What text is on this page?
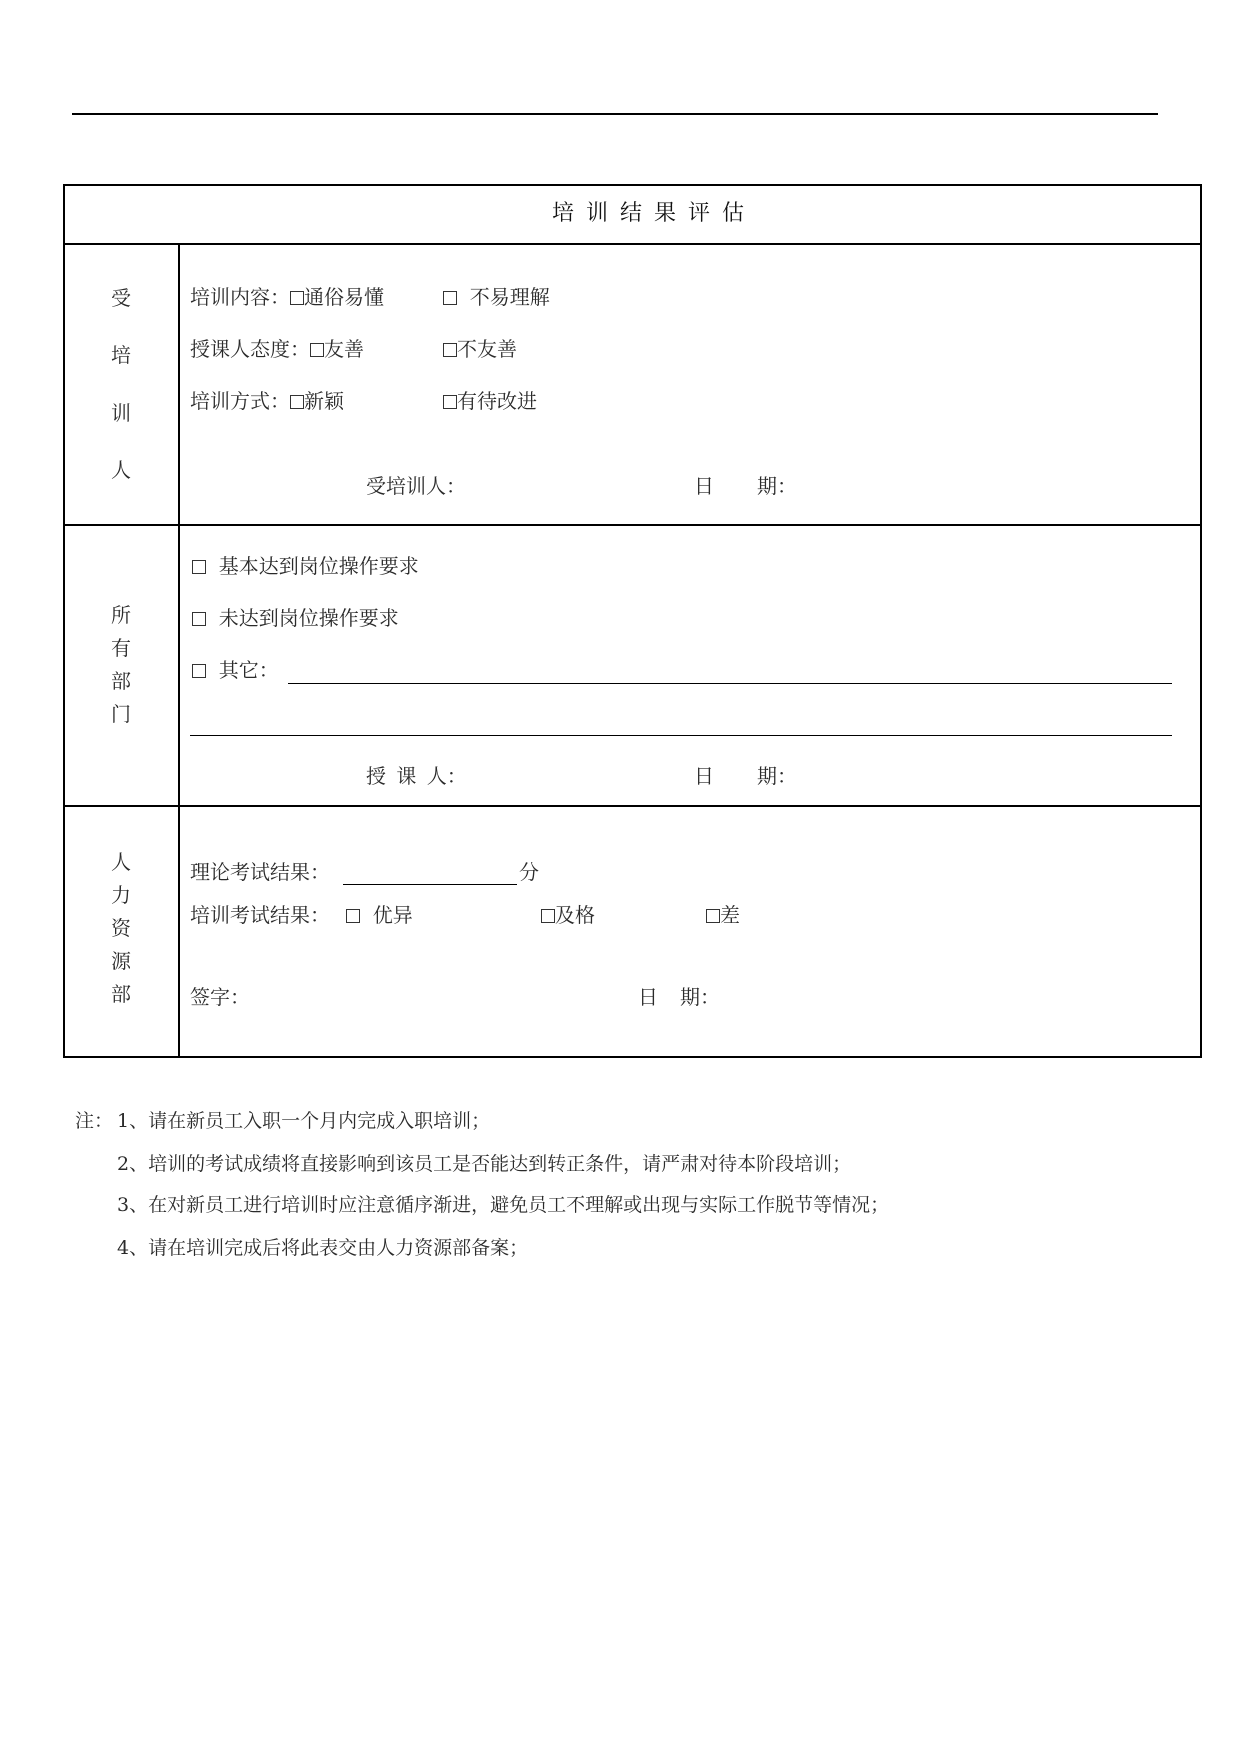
培训结果评估
受
培
训
人
培训内容： 通俗易懂	不易理解
授课人态度： 友善	不友善
培训方式： 新颖	有待改进
受培训人：	日 期：
所
有
部
门
基本达到岗位操作要求
未达到岗位操作要求
其它：
授 课 人：	日 期：
人
力
资
源
部
理论考试结果：	分
培训考试结果：	优异	及格	差
签字：	日 期：
注： 1、请在新员工入职一个月内完成入职培训；
2、培训的考试成绩将直接影响到该员工是否能达到转正条件，请严肃对待本阶段培训；
3、在对新员工进行培训时应注意循序渐进，避免员工不理解或出现与实际工作脱节等情况；
4、请在培训完成后将此表交由人力资源部备案；
